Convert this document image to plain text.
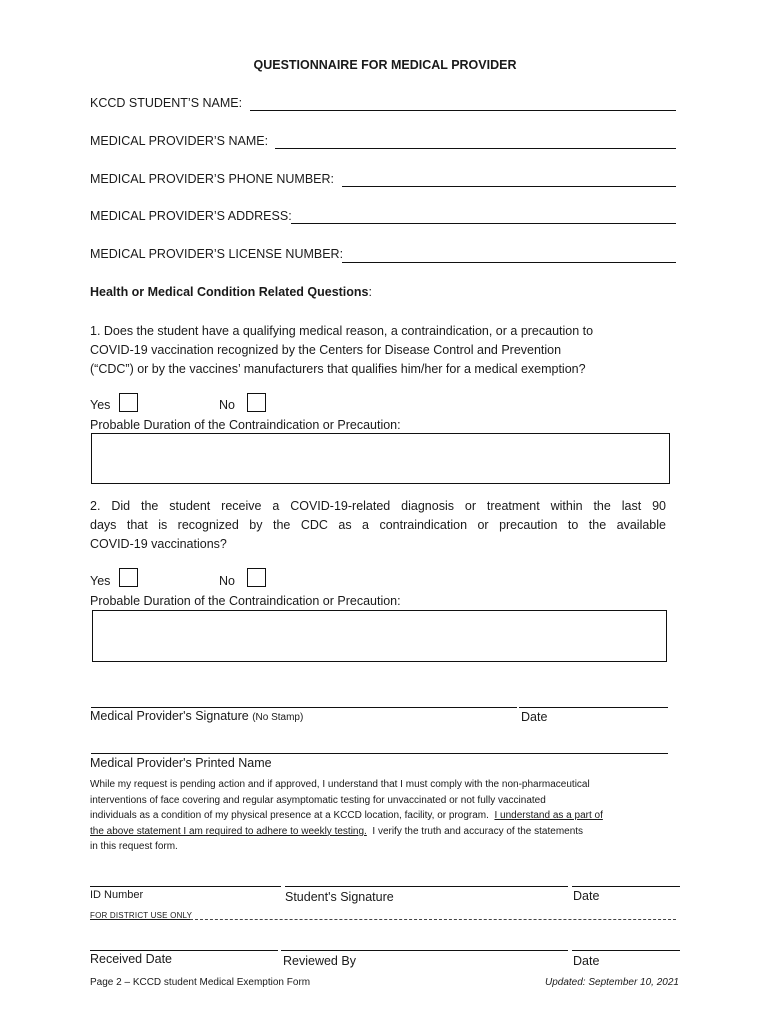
QUESTIONNAIRE FOR MEDICAL PROVIDER
KCCD STUDENT’S NAME:
MEDICAL PROVIDER’S NAME:
MEDICAL PROVIDER’S PHONE NUMBER:
MEDICAL PROVIDER’S ADDRESS:
MEDICAL PROVIDER’S LICENSE NUMBER:
Health or Medical Condition Related Questions:
1. Does the student have a qualifying medical reason, a contraindication, or a precaution to
COVID-19 vaccination recognized by the Centers for Disease Control and Prevention
(“CDC”) or by the vaccines’ manufacturers that qualifies him/her for a medical exemption?
Yes	No
Probable Duration of the Contraindication or Precaution:
2. Did the student receive a COVID-19-related diagnosis or treatment within the last 90
days that is recognized by the CDC as a contraindication or precaution to the available
COVID-19 vaccinations?
Yes	No
Probable Duration of the Contraindication or Precaution:
Medical Provider's Signature (No Stamp)	Date
Medical Provider's Printed Name
While my request is pending action and if approved, I understand that I must comply with the non-pharmaceutical
interventions of face covering and regular asymptomatic testing for unvaccinated or not fully vaccinated
individuals as a condition of my physical presence at a KCCD location, facility, or program. I understand as a part of
the above statement I am required to adhere to weekly testing. I verify the truth and accuracy of the statements
in this request form.
ID Number	Student's Signature	Date
FOR DISTRICT USE ONLY
Received Date	Reviewed By	Date
Page 2 – KCCD student Medical Exemption Form	Updated: September 10, 2021
